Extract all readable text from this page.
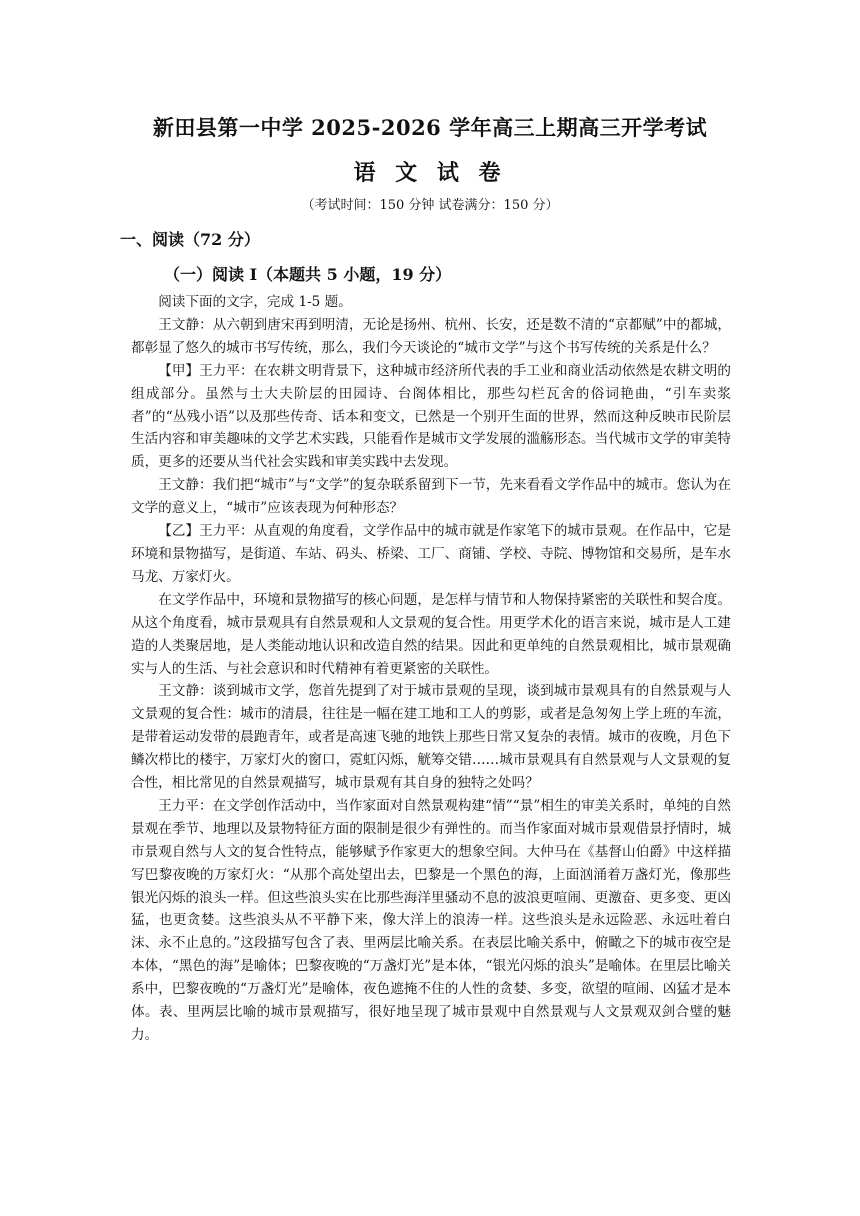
新田县第一中学 2025-2026 学年高三上期高三开学考试
语 文 试 卷
（考试时间：150 分钟 试卷满分：150 分）
一、阅读（72 分）
（一）阅读 I（本题共 5 小题，19 分）

阅读下面的文字，完成 1-5 题。

王文静：从六朝到唐宋再到明清，无论是扬州、杭州、长安，还是数不清的“京都赋”中的都城，都彰显了悠久的城市书写传统，那么，我们今天谈论的“城市文学”与这个书写传统的关系是什么？

【甲】王力平：在农耕文明背景下，这种城市经济所代表的手工业和商业活动依然是农耕文明的组成部分。虽然与士大夫阶层的田园诗、台阁体相比，那些勾栏瓦舍的俗词艳曲，“引车卖浆者”的“丛残小语”以及那些传奇、话本和变文，已然是一个别开生面的世界，然而这种反映市民阶层生活内容和审美趣味的文学艺术实践，只能看作是城市文学发展的滥觞形态。当代城市文学的审美特质，更多的还要从当代社会实践和审美实践中去发现。

王文静：我们把“城市”与“文学”的复杂联系留到下一节，先来看看文学作品中的城市。您认为在文学的意义上，“城市”应该表现为何种形态？

【乙】王力平：从直观的角度看，文学作品中的城市就是作家笔下的城市景观。在作品中，它是环境和景物描写，是街道、车站、码头、桥梁、工厂、商铺、学校、寺院、博物馆和交易所，是车水马龙、万家灯火。

在文学作品中，环境和景物描写的核心问题，是怎样与情节和人物保持紧密的关联性和契合度。从这个角度看，城市景观具有自然景观和人文景观的复合性。用更学术化的语言来说，城市是人工建造的人类聚居地，是人类能动地认识和改造自然的结果。因此和更单纯的自然景观相比，城市景观确实与人的生活、与社会意识和时代精神有着更紧密的关联性。

王文静：谈到城市文学，您首先提到了对于城市景观的呈现，谈到城市景观具有的自然景观与人文景观的复合性：城市的清晨，往往是一幅在建工地和工人的剪影，或者是急匆匆上学上班的车流，是带着运动发带的晨跑青年，或者是高速飞驰的地铁上那些日常又复杂的表情。城市的夜晚，月色下鳞次栉比的楼宇，万家灯火的窗口，霓虹闪烁，觥筹交错……城市景观具有自然景观与人文景观的复合性，相比常见的自然景观描写，城市景观有其自身的独特之处吗？

王力平：在文学创作活动中，当作家面对自然景观构建“情”“景”相生的审美关系时，单纯的自然景观在季节、地理以及景物特征方面的限制是很少有弹性的。而当作家面对城市景观借景抒情时，城市景观自然与人文的复合性特点，能够赋予作家更大的想象空间。大仲马在《基督山伯爵》中这样描写巴黎夜晚的万家灯火：“从那个高处望出去，巴黎是一个黑色的海，上面汹涌着万盏灯光，像那些银光闪烁的浪头一样。但这些浪头实在比那些海洋里骚动不息的波浪更喧闹、更激奋、更多变、更凶猛，也更贪婪。这些浪头从不平静下来，像大洋上的浪涛一样。这些浪头是永远险恶、永远吐着白沫、永不止息的。”这段描写包含了表、里两层比喻关系。在表层比喻关系中，俯瞰之下的城市夜空是本体，“黑色的海”是喻体；巴黎夜晚的“万盏灯光”是本体，“银光闪烁的浪头”是喻体。在里层比喻关系中，巴黎夜晚的“万盏灯光”是喻体，夜色遮掩不住的人性的贪婪、多变，欲望的喧闹、凶猛才是本体。表、里两层比喻的城市景观描写，很好地呈现了城市景观中自然景观与人文景观双剑合璧的魅力。
